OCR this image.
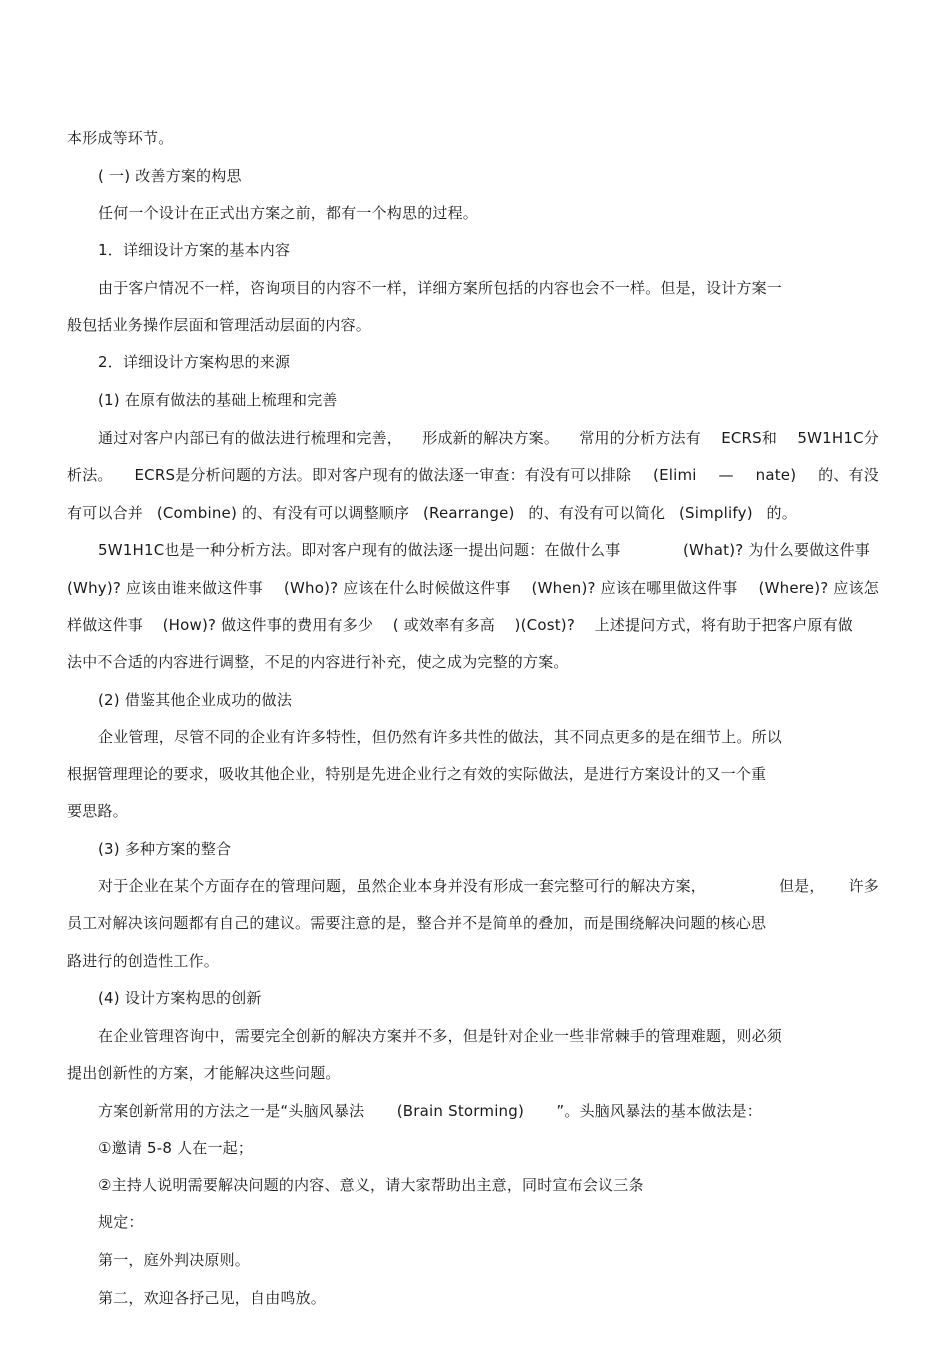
本形成等环节。
( 一) 改善方案的构思
任何一个设计在正式出方案之前，都有一个构思的过程。
1．详细设计方案的基本内容
由于客户情况不一样，咨询项目的内容不一样，详细方案所包括的内容也会不一样。但是，设计方案一
般包括业务操作层面和管理活动层面的内容。
2．详细设计方案构思的来源
(1) 在原有做法的基础上梳理和完善
通过对客户内部已有的做法进行梳理和完善， 形成新的解决方案。 常用的分析方法有 ECRS和 5W1H1C分
析法。 ECRS是分析问题的方法。即对客户现有的做法逐一审查：有没有可以排除 (Elimi — nate) 的、有没
有可以合并 (Combine) 的、有没有可以调整顺序 (Rearrange) 的、有没有可以简化 (Simplify) 的。
5W1H1C也是一种分析方法。即对客户现有的做法逐一提出问题：在做什么事	(What)? 为什么要做这件事
(Why)? 应该由谁来做这件事 (Who)? 应该在什么时候做这件事 (When)? 应该在哪里做这件事 (Where)? 应该怎
样做这件事 (How)? 做这件事的费用有多少 ( 或效率有多高 )(Cost)? 上述提问方式，将有助于把客户原有做
法中不合适的内容进行调整，不足的内容进行补充，使之成为完整的方案。
(2) 借鉴其他企业成功的做法
企业管理，尽管不同的企业有许多特性，但仍然有许多共性的做法，其不同点更多的是在细节上。所以
根据管理理论的要求，吸收其他企业，特别是先进企业行之有效的实际做法，是进行方案设计的又一个重
要思路。
(3) 多种方案的整合
对于企业在某个方面存在的管理问题，虽然企业本身并没有形成一套完整可行的解决方案，	但是， 许多
员工对解决该问题都有自己的建议。需要注意的是，整合并不是简单的叠加，而是围绕解决问题的核心思
路进行的创造性工作。
(4) 设计方案构思的创新
在企业管理咨询中，需要完全创新的解决方案并不多，但是针对企业一些非常棘手的管理难题，则必须
提出创新性的方案，才能解决这些问题。
方案创新常用的方法之一是“头脑风暴法 (Brain Storming) ”。头脑风暴法的基本做法是：
①邀请 5-8 人在一起；
②主持人说明需要解决问题的内容、意义，请大家帮助出主意，同时宣布会议三条
规定：
第一，庭外判决原则。
第二，欢迎各抒己见，自由鸣放。
